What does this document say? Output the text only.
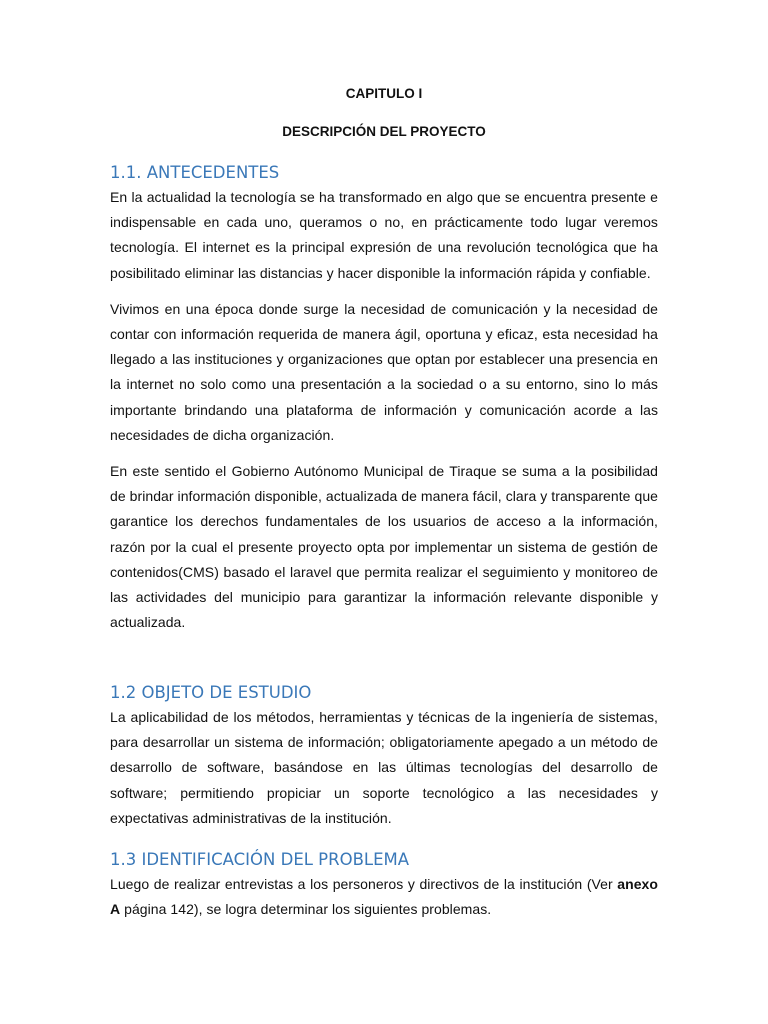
CAPITULO I
DESCRIPCIÓN DEL PROYECTO
1.1. ANTECEDENTES

En la actualidad la tecnología se ha transformado en algo que se encuentra presente e indispensable en cada uno, queramos o no, en prácticamente todo lugar veremos tecnología. El internet es la principal expresión de una revolución tecnológica que ha posibilitado eliminar las distancias y hacer disponible la información rápida y confiable.

Vivimos en una época donde surge la necesidad de comunicación y la necesidad de contar con información requerida de manera ágil, oportuna y eficaz, esta necesidad ha llegado a las instituciones y organizaciones que optan por establecer una presencia en la internet no solo como una presentación a la sociedad o a su entorno, sino lo más importante brindando una plataforma de información y comunicación acorde a las necesidades de dicha organización.

En este sentido el Gobierno Autónomo Municipal de Tiraque se suma a la posibilidad de brindar información disponible, actualizada de manera fácil, clara y transparente que garantice los derechos fundamentales de los usuarios de acceso a la información, razón por la cual el presente proyecto opta por implementar un sistema de gestión de contenidos(CMS) basado el laravel que permita realizar el seguimiento y monitoreo de las actividades del municipio para garantizar la información relevante disponible y actualizada.

1.2 OBJETO DE ESTUDIO

La aplicabilidad de los métodos, herramientas y técnicas de la ingeniería de sistemas, para desarrollar un sistema de información; obligatoriamente apegado a un método de desarrollo de software, basándose en las últimas tecnologías del desarrollo de software; permitiendo propiciar un soporte tecnológico a las necesidades y expectativas administrativas de la institución.

1.3 IDENTIFICACIÓN DEL PROBLEMA

Luego de realizar entrevistas a los personeros y directivos de la institución (Ver anexo A página 142), se logra determinar los siguientes problemas.
